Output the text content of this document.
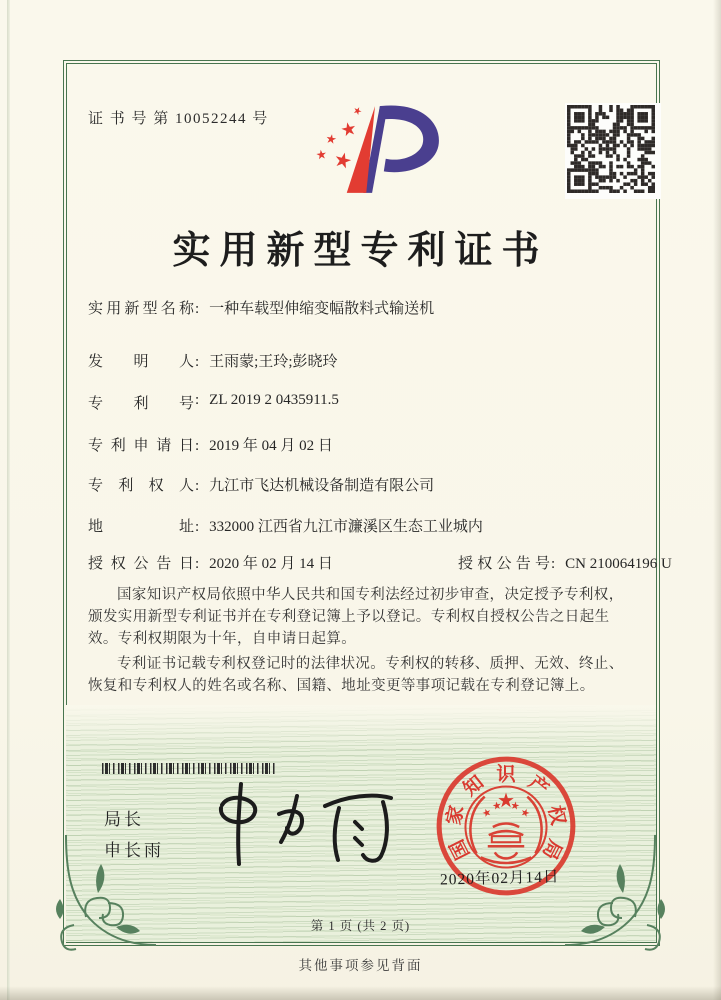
证 书 号 第 10052244 号
实用新型专利证书
实用新型名称: 一种车载型伸缩变幅散料式输送机
发明人: 王雨蒙;王玲;彭晓玲
专利号: ZL 2019 2 0435911.5
专利申请日: 2019 年 04 月 02 日
专利权人: 九江市飞达机械设备制造有限公司
地址: 332000 江西省九江市濂溪区生态工业城内
授权公告日: 2020 年 02 月 14 日	授权公告号: CN 210064196 U

国家知识产权局依照中华人民共和国专利法经过初步审查，决定授予专利权，颁发实用新型专利证书并在专利登记簿上予以登记。专利权自授权公告之日起生效。专利权期限为十年，自申请日起算。

专利证书记载专利权登记时的法律状况。专利权的转移、质押、无效、终止、恢复和专利权人的姓名或名称、国籍、地址变更等事项记载在专利登记簿上。

局长
申长雨	国
家
知 识 产
权
局
2020年02月14日
第 1 页 (共 2 页)
其他事项参见背面
